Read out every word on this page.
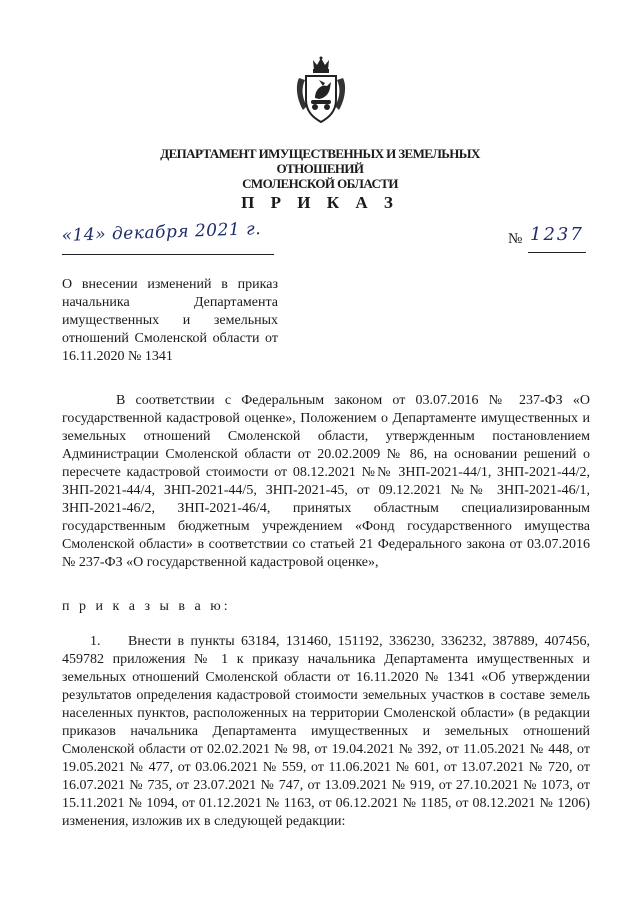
ДЕПАРТАМЕНТ ИМУЩЕСТВЕННЫХ И ЗЕМЕЛЬНЫХ ОТНОШЕНИЙ
СМОЛЕНСКОЙ ОБЛАСТИ
П Р И К А З
«14» декабря 2021 г.	№ 1237
О внесении изменений в приказ начальника Департамента имущественных и земельных отношений Смоленской области от 16.11.2020 № 1341
В соответствии с Федеральным законом от 03.07.2016 № 237-ФЗ «О государственной кадастровой оценке», Положением о Департаменте имущественных и земельных отношений Смоленской области, утвержденным постановлением Администрации Смоленской области от 20.02.2009 № 86, на основании решений о пересчете кадастровой стоимости от 08.12.2021 №№ ЗНП-2021-44/1, ЗНП-2021-44/2, ЗНП-2021-44/4, ЗНП-2021-44/5, ЗНП-2021-45, от 09.12.2021 №№ ЗНП-2021-46/1, ЗНП-2021-46/2, ЗНП-2021-46/4, принятых областным специализированным государственным бюджетным учреждением «Фонд государственного имущества Смоленской области» в соответствии со статьей 21 Федерального закона от 03.07.2016 № 237-ФЗ «О государственной кадастровой оценке»,
п р и к а з ы в а ю:
1. Внести в пункты 63184, 131460, 151192, 336230, 336232, 387889, 407456, 459782 приложения № 1 к приказу начальника Департамента имущественных и земельных отношений Смоленской области от 16.11.2020 № 1341 «Об утверждении результатов определения кадастровой стоимости земельных участков в составе земель населенных пунктов, расположенных на территории Смоленской области» (в редакции приказов начальника Департамента имущественных и земельных отношений Смоленской области от 02.02.2021 № 98, от 19.04.2021 № 392, от 11.05.2021 № 448, от 19.05.2021 № 477, от 03.06.2021 № 559, от 11.06.2021 № 601, от 13.07.2021 № 720, от 16.07.2021 № 735, от 23.07.2021 № 747, от 13.09.2021 № 919, от 27.10.2021 № 1073, от 15.11.2021 № 1094, от 01.12.2021 № 1163, от 06.12.2021 № 1185, от 08.12.2021 № 1206) изменения, изложив их в следующей редакции:
